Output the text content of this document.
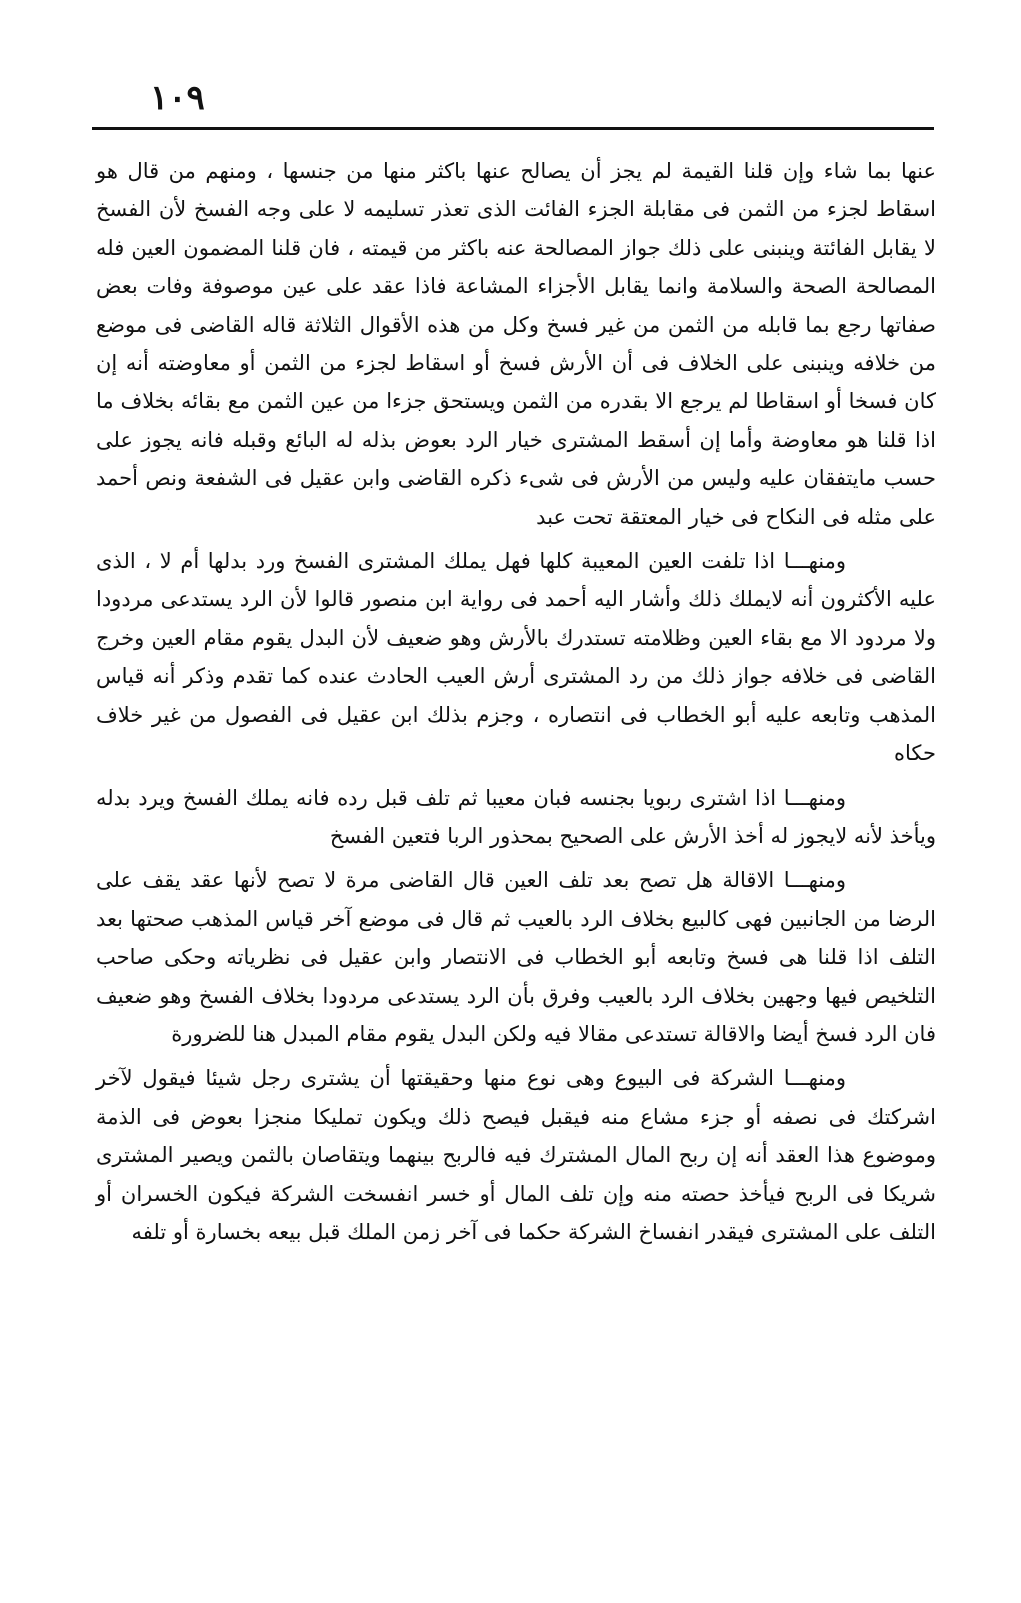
١٠٩

عنها بما شاء وإن قلنا القيمة لم يجز أن يصالح عنها باكثر منها من جنسها ، ومنهم من قال هو اسقاط لجزء من الثمن فى مقابلة الجزء الفائت الذى تعذر تسليمه لا على وجه الفسخ لأن الفسخ لا يقابل الفائتة وينبنى على ذلك جواز المصالحة عنه باكثر من قيمته ، فان قلنا المضمون العين فله المصالحة الصحة والسلامة وانما يقابل الأجزاء المشاعة فاذا عقد على عين موصوفة وفات بعض صفاتها رجع بما قابله من الثمن من غير فسخ وكل من هذه الأقوال الثلاثة قاله القاضى فى موضع من خلافه وينبنى على الخلاف فى أن الأرش فسخ أو اسقاط لجزء من الثمن أو معاوضته أنه إن كان فسخا أو اسقاطا لم يرجع الا بقدره من الثمن ويستحق جزءا من عين الثمن مع بقائه بخلاف ما اذا قلنا هو معاوضة وأما إن أسقط المشترى خيار الرد بعوض بذله له البائع وقبله فانه يجوز على حسب مايتفقان عليه وليس من الأرش فى شىء ذكره القاضى وابن عقيل فى الشفعة ونص أحمد على مثله فى النكاح فى خيار المعتقة تحت عبد

ومنهـــا اذا تلفت العين المعيبة كلها فهل يملك المشترى الفسخ ورد بدلها أم لا ، الذى عليه الأكثرون أنه لايملك ذلك وأشار اليه أحمد فى رواية ابن منصور قالوا لأن الرد يستدعى مردودا ولا مردود الا مع بقاء العين وظلامته تستدرك بالأرش وهو ضعيف لأن البدل يقوم مقام العين وخرج القاضى فى خلافه جواز ذلك من رد المشترى أرش العيب الحادث عنده كما تقدم وذكر أنه قياس المذهب وتابعه عليه أبو الخطاب فى انتصاره ، وجزم بذلك ابن عقيل فى الفصول من غير خلاف حكاه

ومنهـــا اذا اشترى ربويا بجنسه فبان معيبا ثم تلف قبل رده فانه يملك الفسخ ويرد بدله ويأخذ لأنه لايجوز له أخذ الأرش على الصحيح بمحذور الربا فتعين الفسخ

ومنهـــا الاقالة هل تصح بعد تلف العين قال القاضى مرة لا تصح لأنها عقد يقف على الرضا من الجانبين فهى كالبيع بخلاف الرد بالعيب ثم قال فى موضع آخر قياس المذهب صحتها بعد التلف اذا قلنا هى فسخ وتابعه أبو الخطاب فى الانتصار وابن عقيل فى نظرياته وحكى صاحب التلخيص فيها وجهين بخلاف الرد بالعيب وفرق بأن الرد يستدعى مردودا بخلاف الفسخ وهو ضعيف فان الرد فسخ أيضا والاقالة تستدعى مقالا فيه ولكن البدل يقوم مقام المبدل هنا للضرورة

ومنهـــا الشركة فى البيوع وهى نوع منها وحقيقتها أن يشترى رجل شيئا فيقول لآخر اشركتك فى نصفه أو جزء مشاع منه فيقبل فيصح ذلك ويكون تمليكا منجزا بعوض فى الذمة وموضوع هذا العقد أنه إن ربح المال المشترك فيه فالربح بينهما ويتقاصان بالثمن ويصير المشترى شريكا فى الربح فيأخذ حصته منه وإن تلف المال أو خسر انفسخت الشركة فيكون الخسران أو التلف على المشترى فيقدر انفساخ الشركة حكما فى آخر زمن الملك قبل بيعه بخسارة أو تلفه
